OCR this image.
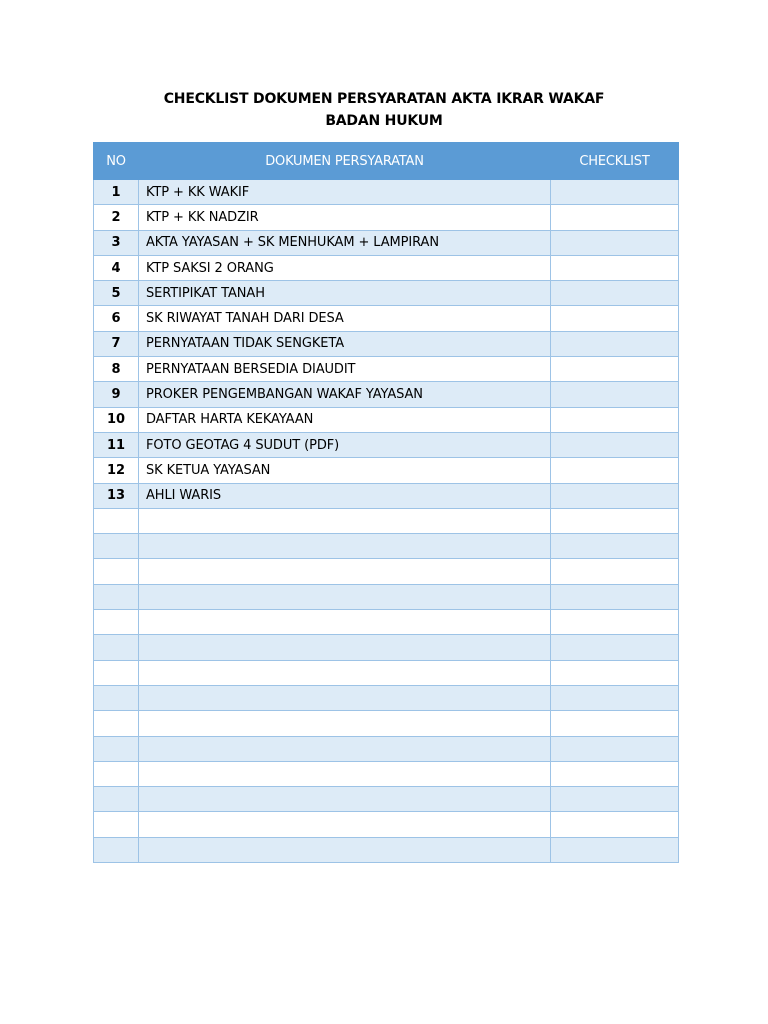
CHECKLIST DOKUMEN PERSYARATAN AKTA IKRAR WAKAF
BADAN HUKUM
NO	DOKUMEN PERSYARATAN	CHECKLIST
1	KTP + KK WAKIF	
2	KTP + KK NADZIR	
3	AKTA YAYASAN + SK MENHUKAM + LAMPIRAN	
4	KTP SAKSI 2 ORANG	
5	SERTIPIKAT TANAH	
6	SK RIWAYAT TANAH DARI DESA	
7	PERNYATAAN TIDAK SENGKETA	
8	PERNYATAAN BERSEDIA DIAUDIT	
9	PROKER PENGEMBANGAN WAKAF YAYASAN	
10	DAFTAR HARTA KEKAYAAN	
11	FOTO GEOTAG 4 SUDUT (PDF)	
12	SK KETUA YAYASAN	
13	AHLI WARIS	
